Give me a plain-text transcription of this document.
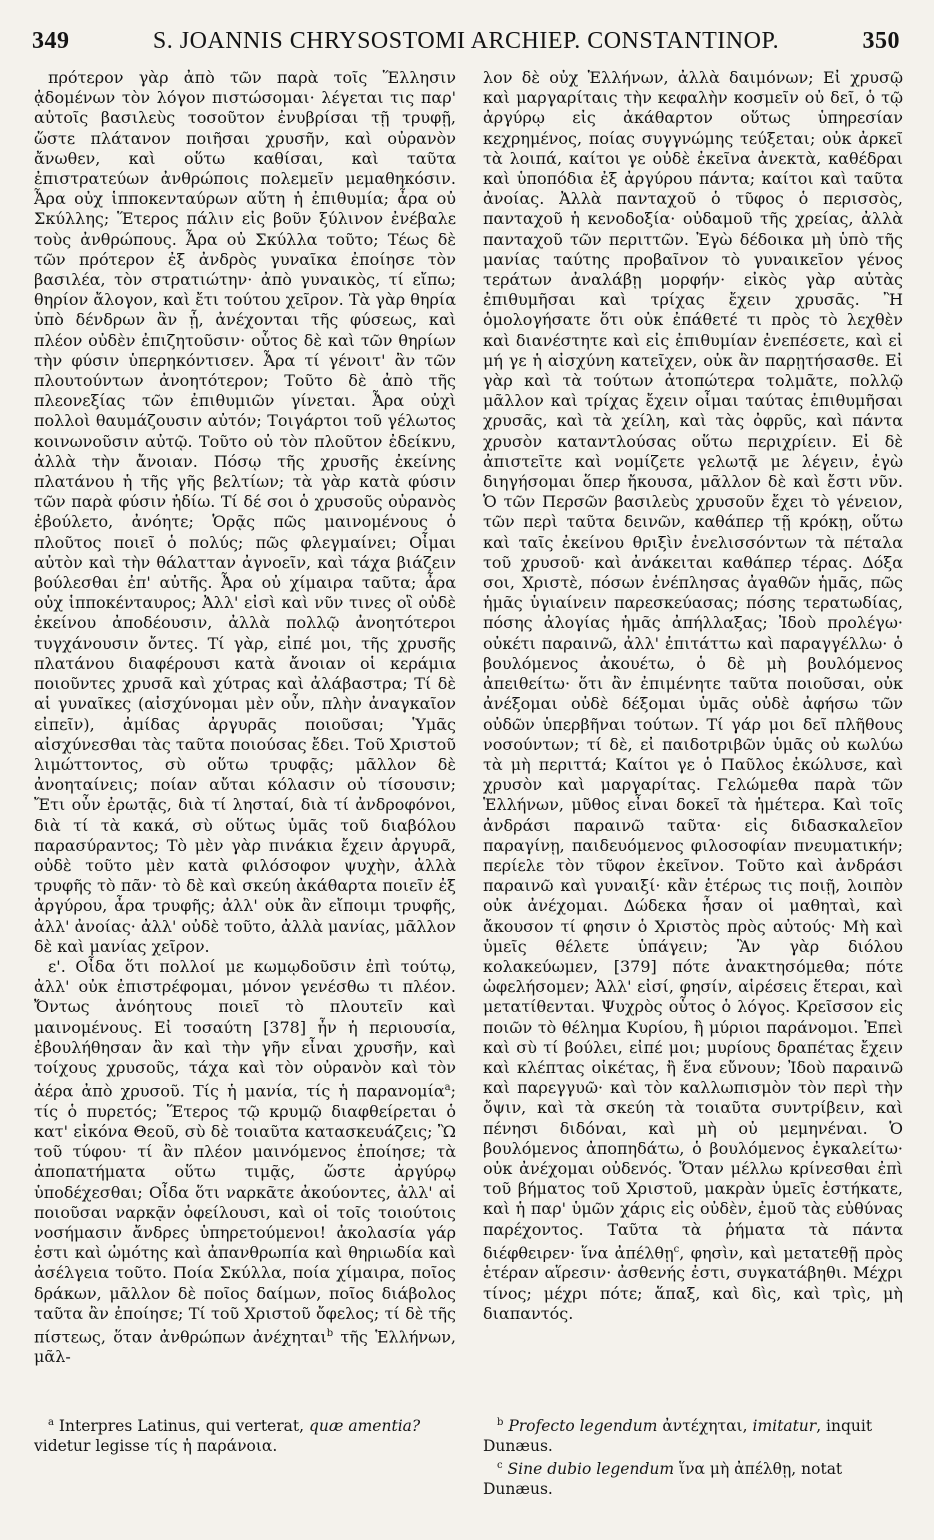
349	S. JOANNIS CHRYSOSTOMI ARCHIEP. CONSTANTINOP.	350

πρότερον γὰρ ἀπὸ τῶν παρὰ τοῖς Ἕλλησιν ᾀδομένων τὸν λόγον πιστώσομαι· λέγεται τις παρ' αὐτοῖς βασιλεὺς τοσοῦτον ἐνυβρίσαι τῇ τρυφῇ, ὥστε πλάτανον ποιῆσαι χρυσῆν, καὶ οὐρανὸν ἄνωθεν, καὶ οὕτω καθίσαι, καὶ ταῦτα ἐπιστρατεύων ἀνθρώποις πολεμεῖν μεμαθηκόσιν. Ἆρα οὐχ ἱπποκενταύρων αὕτη ἡ ἐπιθυμία; ἆρα οὐ Σκύλλης; Ἕτερος πάλιν εἰς βοῦν ξύλινον ἐνέβαλε τοὺς ἀνθρώπους. Ἆρα οὐ Σκύλλα τοῦτο; Τέως δὲ τῶν πρότερον ἐξ ἀνδρὸς γυναῖκα ἐποίησε τὸν βασιλέα, τὸν στρατιώτην· ἀπὸ γυναικὸς, τί εἴπω; θηρίον ἄλογον, καὶ ἔτι τούτου χεῖρον. Τὰ γὰρ θηρία ὑπὸ δένδρων ἂν ᾖ, ἀνέχονται τῆς φύσεως, καὶ πλέον οὐδὲν ἐπιζητοῦσιν· οὗτος δὲ καὶ τῶν θηρίων τὴν φύσιν ὑπερηκόντισεν. Ἆρα τί γένοιτ' ἂν τῶν πλουτούντων ἀνοητότερον; Τοῦτο δὲ ἀπὸ τῆς πλεονεξίας τῶν ἐπιθυμιῶν γίνεται. Ἆρα οὐχὶ πολλοὶ θαυμάζουσιν αὐτόν; Τοιγάρτοι τοῦ γέλωτος κοινωνοῦσιν αὐτῷ. Τοῦτο οὐ τὸν πλοῦτον ἐδείκνυ, ἀλλὰ τὴν ἄνοιαν. Πόσῳ τῆς χρυσῆς ἐκείνης πλατάνου ἡ τῆς γῆς βελτίων; τὰ γὰρ κατὰ φύσιν τῶν παρὰ φύσιν ἡδίω. Τί δέ σοι ὁ χρυσοῦς οὐρανὸς ἐβούλετο, ἀνόητε; Ὁρᾷς πῶς μαινομένους ὁ πλοῦτος ποιεῖ ὁ πολύς; πῶς φλεγμαίνει; Οἶμαι αὐτὸν καὶ τὴν θάλατταν ἀγνοεῖν, καὶ τάχα βιάζειν βούλεσθαι ἐπ' αὐτῆς. Ἆρα οὐ χίμαιρα ταῦτα; ἆρα οὐχ ἱπποκένταυρος; Ἀλλ' εἰσὶ καὶ νῦν τινες οἳ οὐδὲ ἐκείνου ἀποδέουσιν, ἀλλὰ πολλῷ ἀνοητότεροι τυγχάνουσιν ὄντες. Τί γὰρ, εἰπέ μοι, τῆς χρυσῆς πλατάνου διαφέρουσι κατὰ ἄνοιαν οἱ κεράμια ποιοῦντες χρυσᾶ καὶ χύτρας καὶ ἀλάβαστρα; Τί δὲ αἱ γυναῖκες (αἰσχύνομαι μὲν οὖν, πλὴν ἀναγκαῖον εἰπεῖν), ἀμίδας ἀργυρᾶς ποιοῦσαι; Ὑμᾶς αἰσχύνεσθαι τὰς ταῦτα ποιούσας ἔδει. Τοῦ Χριστοῦ λιμώττοντος, σὺ οὕτω τρυφᾷς; μᾶλλον δὲ ἀνοηταίνεις; ποίαν αὔται κόλασιν οὐ τίσουσιν; Ἔτι οὖν ἐρωτᾷς, διὰ τί λησταί, διὰ τί ἀνδροφόνοι, διὰ τί τὰ κακά, σὺ οὕτως ὑμᾶς τοῦ διαβόλου παρασύραντος; Τὸ μὲν γὰρ πινάκια ἔχειν ἀργυρᾶ, οὐδὲ τοῦτο μὲν κατὰ φιλόσοφον ψυχὴν, ἀλλὰ τρυφῆς τὸ πᾶν· τὸ δὲ καὶ σκεύη ἀκάθαρτα ποιεῖν ἐξ ἀργύρου, ἆρα τρυφῆς; ἀλλ' οὐκ ἂν εἴποιμι τρυφῆς, ἀλλ' ἀνοίας· ἀλλ' οὐδὲ τοῦτο, ἀλλὰ μανίας, μᾶλλον δὲ καὶ μανίας χεῖρον.

ε'. Οἶδα ὅτι πολλοί με κωμῳδοῦσιν ἐπὶ τούτῳ, ἀλλ' οὐκ ἐπιστρέφομαι, μόνον γενέσθω τι πλέον. Ὄντως ἀνόητους ποιεῖ τὸ πλουτεῖν καὶ μαινομένους. Εἰ τοσαύτη [378] ἦν ἡ περιουσία, ἐβουλήθησαν ἂν καὶ τὴν γῆν εἶναι χρυσῆν, καὶ τοίχους χρυσοῦς, τάχα καὶ τὸν οὐρανὸν καὶ τὸν ἀέρα ἀπὸ χρυσοῦ. Τίς ἡ μανία, τίς ἡ παρανομία$^a$; τίς ὁ πυρετός; Ἕτερος τῷ κρυμῷ διαφθείρεται ὁ κατ' εἰκόνα Θεοῦ, σὺ δὲ τοιαῦτα κατασκευάζεις; Ὢ τοῦ τύφου· τί ἂν πλέον μαινόμενος ἐποίησε; τὰ ἀποπατήματα οὕτω τιμᾷς, ὥστε ἀργύρῳ ὑποδέχεσθαι; Οἶδα ὅτι ναρκᾶτε ἀκούοντες, ἀλλ' αἱ ποιοῦσαι ναρκᾷν ὀφείλουσι, καὶ οἱ τοῖς τοιούτοις νοσήμασιν ἄνδρες ὑπηρετούμενοι! ἀκολασία γάρ ἐστι καὶ ὠμότης καὶ ἀπανθρωπία καὶ θηριωδία καὶ ἀσέλγεια τοῦτο. Ποία Σκύλλα, ποία χίμαιρα, ποῖος δράκων, μᾶλλον δὲ ποῖος δαίμων, ποῖος διάβολος ταῦτα ἂν ἐποίησε; Τί τοῦ Χριστοῦ ὄφελος; τί δὲ τῆς πίστεως, ὅταν ἀνθρώπων ἀνέχηται$^b$ τῆς Ἑλλήνων, μᾶλ-

λον δὲ οὐχ Ἑλλήνων, ἀλλὰ δαιμόνων; Εἰ χρυσῷ καὶ μαργαρίταις τὴν κεφαλὴν κοσμεῖν οὐ δεῖ, ὁ τῷ ἀργύρῳ εἰς ἀκάθαρτον οὕτως ὑπηρεσίαν κεχρημένος, ποίας συγγνώμης τεύξεται; οὐκ ἀρκεῖ τὰ λοιπά, καίτοι γε οὐδὲ ἐκεῖνα ἀνεκτὰ, καθέδραι καὶ ὑποπόδια ἐξ ἀργύρου πάντα; καίτοι καὶ ταῦτα ἀνοίας. Ἀλλὰ πανταχοῦ ὁ τῦφος ὁ περισσὸς, πανταχοῦ ἡ κενοδοξία· οὐδαμοῦ τῆς χρείας, ἀλλὰ πανταχοῦ τῶν περιττῶν. Ἐγὼ δέδοικα μὴ ὑπὸ τῆς μανίας ταύτης προβαῖνον τὸ γυναικεῖον γένος τεράτων ἀναλάβῃ μορφήν· εἰκὸς γὰρ αὐτὰς ἐπιθυμῆσαι καὶ τρίχας ἔχειν χρυσᾶς. Ἢ ὁμολογήσατε ὅτι οὐκ ἐπάθετέ τι πρὸς τὸ λεχθὲν καὶ διανέστητε καὶ εἰς ἐπιθυμίαν ἐνεπέσετε, καὶ εἰ μή γε ἡ αἰσχύνη κατεῖχεν, οὐκ ἂν παρῃτήσασθε. Εἰ γὰρ καὶ τὰ τούτων ἀτοπώτερα τολμᾶτε, πολλῷ μᾶλλον καὶ τρίχας ἔχειν οἶμαι ταύτας ἐπιθυμῆσαι χρυσᾶς, καὶ τὰ χείλη, καὶ τὰς ὀφρῦς, καὶ πάντα χρυσὸν καταντλούσας οὕτω περιχρίειν. Εἰ δὲ ἀπιστεῖτε καὶ νομίζετε γελωτᾷ με λέγειν, ἐγὼ διηγήσομαι ὅπερ ἤκουσα, μᾶλλον δὲ καὶ ἔστι νῦν. Ὁ τῶν Περσῶν βασιλεὺς χρυσοῦν ἔχει τὸ γένειον, τῶν περὶ ταῦτα δεινῶν, καθάπερ τῇ κρόκῃ, οὕτω καὶ ταῖς ἐκείνου θριξὶν ἐνελισσόντων τὰ πέταλα τοῦ χρυσοῦ· καὶ ἀνάκειται καθάπερ τέρας. Δόξα σοι, Χριστὲ, πόσων ἐνέπλησας ἀγαθῶν ἡμᾶς, πῶς ἡμᾶς ὑγιαίνειν παρεσκεύασας; πόσης τερατωδίας, πόσης ἀλογίας ἡμᾶς ἀπήλλαξας; Ἰδοὺ προλέγω· οὐκέτι παραινῶ, ἀλλ' ἐπιτάττω καὶ παραγγέλλω· ὁ βουλόμενος ἀκουέτω, ὁ δὲ μὴ βουλόμενος ἀπειθείτω· ὅτι ἂν ἐπιμένητε ταῦτα ποιοῦσαι, οὐκ ἀνέξομαι οὐδὲ δέξομαι ὑμᾶς οὐδὲ ἀφήσω τῶν οὐδῶν ὑπερβῆναι τούτων. Τί γάρ μοι δεῖ πλῆθους νοσούντων; τί δὲ, εἰ παιδοτριβῶν ὑμᾶς οὐ κωλύω τὰ μὴ περιττά; Καίτοι γε ὁ Παῦλος ἐκώλυσε, καὶ χρυσὸν καὶ μαργαρίτας. Γελώμεθα παρὰ τῶν Ἑλλήνων, μῦθος εἶναι δοκεῖ τὰ ἡμέτερα. Καὶ τοῖς ἀνδράσι παραινῶ ταῦτα· εἰς διδασκαλεῖον παραγίνῃ, παιδευόμενος φιλοσοφίαν πνευματικήν; περίελε τὸν τῦφον ἐκεῖνον. Τοῦτο καὶ ἀνδράσι παραινῶ καὶ γυναιξί· κἂν ἑτέρως τις ποιῇ, λοιπὸν οὐκ ἀνέχομαι. Δώδεκα ἦσαν οἱ μαθηταὶ, καὶ ἄκουσον τί φησιν ὁ Χριστὸς πρὸς αὐτούς· Μὴ καὶ ὑμεῖς θέλετε ὑπάγειν; Ἂν γὰρ διόλου κολακεύωμεν, [379] πότε ἀνακτησόμεθα; πότε ὠφελήσομεν; Ἀλλ' εἰσί, φησίν, αἱρέσεις ἕτεραι, καὶ μετατίθενται. Ψυχρὸς οὗτος ὁ λόγος. Κρεῖσσον εἰς ποιῶν τὸ θέλημα Κυρίου, ἢ μύριοι παράνομοι. Ἐπεὶ καὶ σὺ τί βούλει, εἰπέ μοι; μυρίους δραπέτας ἔχειν καὶ κλέπτας οἰκέτας, ἢ ἕνα εὔνουν; Ἰδοὺ παραινῶ καὶ παρεγγυῶ· καὶ τὸν καλλωπισμὸν τὸν περὶ τὴν ὄψιν, καὶ τὰ σκεύη τὰ τοιαῦτα συντρίβειν, καὶ πένησι διδόναι, καὶ μὴ οὐ μεμηνέναι. Ὁ βουλόμενος ἀποπηδάτω, ὁ βουλόμενος ἐγκαλείτω· οὐκ ἀνέχομαι οὐδενός. Ὅταν μέλλω κρίνεσθαι ἐπὶ τοῦ βήματος τοῦ Χριστοῦ, μακρὰν ὑμεῖς ἑστήκατε, καὶ ἡ παρ' ὑμῶν χάρις εἰς οὐδὲν, ἐμοῦ τὰς εὐθύνας παρέχοντος. Ταῦτα τὰ ῥήματα τὰ πάντα διέφθειρεν· ἵνα ἀπέλθῃ$^c$, φησὶν, καὶ μετατεθῇ πρὸς ἑτέραν αἵρεσιν· ἀσθενής ἐστι, συγκατάβηθι. Μέχρι τίνος; μέχρι πότε; ἅπαξ, καὶ δὶς, καὶ τρὶς, μὴ διαπαντός.

$^a$ Interpres Latinus, qui verterat, quæ amentia? videtur legisse τίς ἡ παράνοια.

$^b$ Profecto legendum ἀντέχηται, imitatur, inquit Dunæus.

$^c$ Sine dubio legendum ἵνα μὴ ἀπέλθῃ, notat Dunæus.
